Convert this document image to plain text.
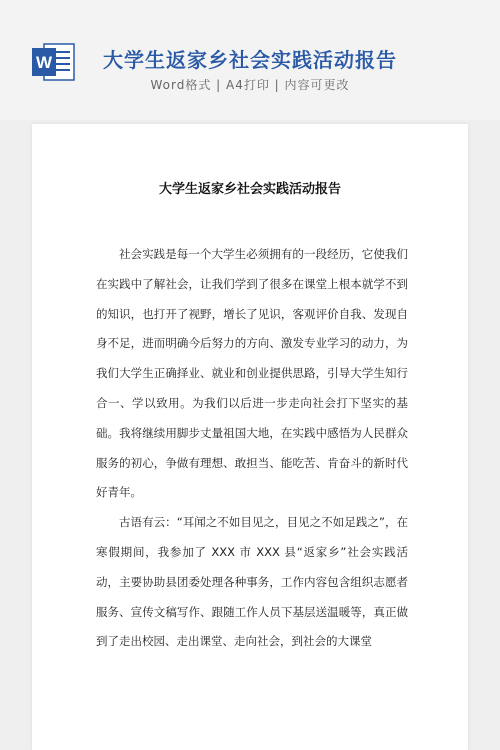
W	大学生返家乡社会实践活动报告
Word格式 | A4打印 | 内容可更改
大学生返家乡社会实践活动报告

社会实践是每一个大学生必须拥有的一段经历，它使我们在实践中了解社会，让我们学到了很多在课堂上根本就学不到的知识，也打开了视野，增长了见识，客观评价自我、发现自身不足，进而明确今后努力的方向、激发专业学习的动力，为我们大学生正确择业、就业和创业提供思路，引导大学生知行合一、学以致用。为我们以后进一步走向社会打下坚实的基础。我将继续用脚步丈量祖国大地，在实践中感悟为人民群众服务的初心，争做有理想、敢担当、能吃苦、肯奋斗的新时代好青年。

古语有云：“耳闻之不如目见之，目见之不如足践之”，在寒假期间，我参加了 XXX 市 XXX 县“返家乡”社会实践活动，主要协助县团委处理各种事务，工作内容包含组织志愿者服务、宣传文稿写作、跟随工作人员下基层送温暖等，真正做到了走出校园、走出课堂、走向社会，到社会的大课堂
